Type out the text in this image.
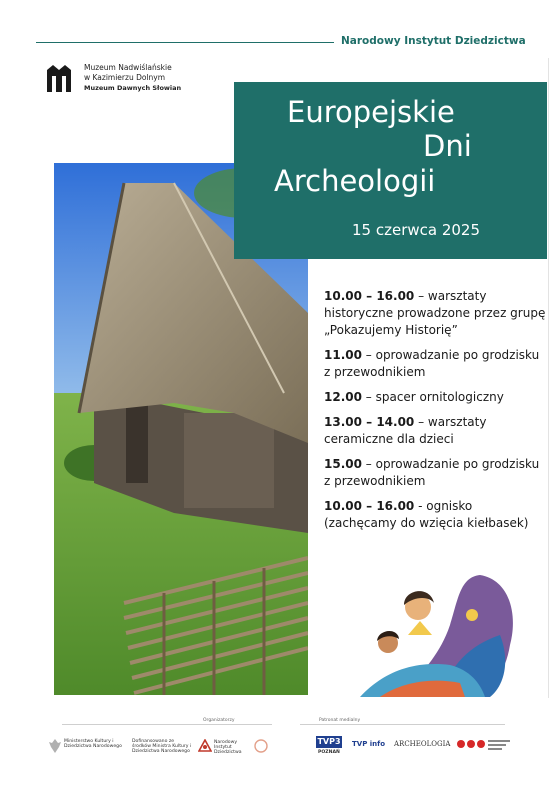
Narodowy Instytut Dziedzictwa
Muzeum Nadwiślańskie
w Kazimierzu Dolnym
Muzeum Dawnych Słowian
Europejskie
Dni
Archeologii
15 czerwca 2025
10.00 – 16.00 – warsztaty historyczne prowadzone przez grupę „Pokazujemy Historię”
11.00 – oprowadzanie po grodzisku z przewodnikiem
12.00 – spacer ornitologiczny
13.00 – 14.00 – warsztaty ceramiczne dla dzieci
15.00 – oprowadzanie po grodzisku z przewodnikiem
10.00 – 16.00 - ognisko (zachęcamy do wzięcia kiełbasek)
Organizatorzy	Patronat medialny
Ministerstwo Kultury i Dziedzictwa Narodowego
Dofinansowano ze środków Ministra Kultury i Dziedzictwa Narodowego
Narodowy Instytut Dziedzictwa
TVP3
POZNAŃ
TVP info ARCHEOLOGIA
